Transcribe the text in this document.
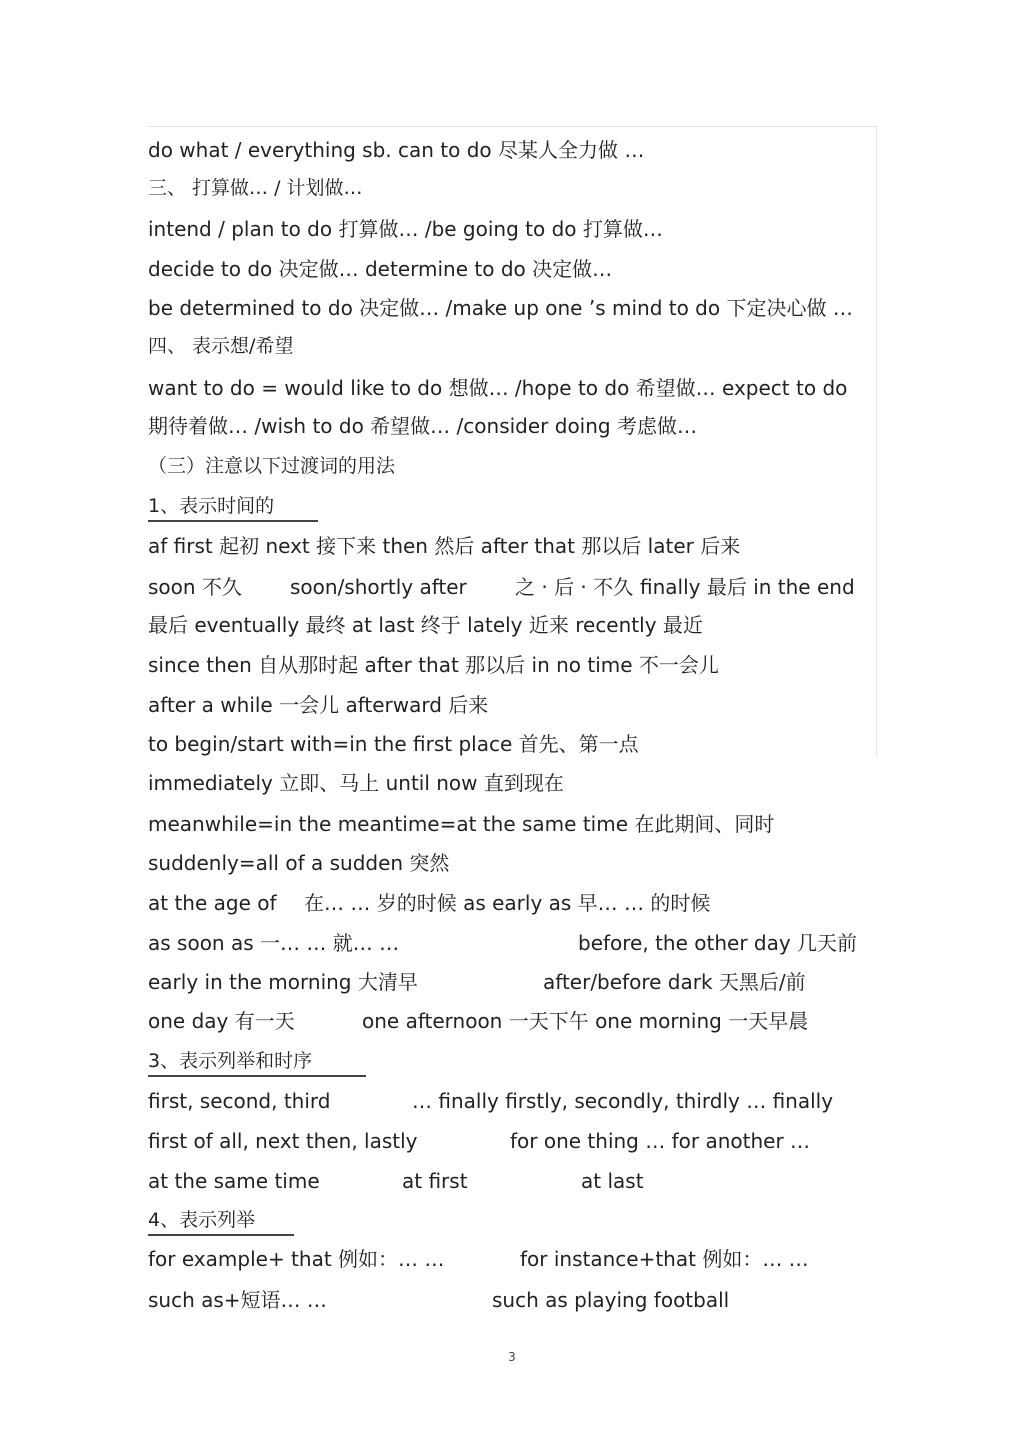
do what / everything sb. can to do 尽某人全力做 …
三、 打算做… / 计划做…
intend / plan to do 打算做… /be going to do 打算做…
decide to do 决定做… determine to do 决定做…
be determined to do 决定做… /make up one ’s mind to do 下定决心做 …
四、 表示想/希望
want to do = would like to do 想做… /hope to do 希望做… expect to do
期待着做… /wish to do 希望做… /consider doing 考虑做…
（三）注意以下过渡词的用法
1、表示时间的
af first 起初 next 接下来 then 然后 after that 那以后 later 后来
soon 不久 soon/shortly after 之 · 后 · 不久 finally 最后 in the end
最后 eventually 最终 at last 终于 lately 近来 recently 最近
since then 自从那时起 after that 那以后 in no time 不一会儿
after a while 一会儿 afterward 后来
to begin/start with=in the first place 首先、第一点
immediately 立即、马上 until now 直到现在
meanwhile=in the meantime=at the same time 在此期间、同时
suddenly=all of a sudden 突然
at the age of 在… … 岁的时候 as early as 早… … 的时候
as soon as 一… … 就… …	before, the other day 几天前
early in the morning 大清早	after/before dark 天黑后/前
one day 有一天	one afternoon 一天下午 one morning 一天早晨
3、表示列举和时序
first, second, third	… finally firstly, secondly, thirdly … finally
first of all, next then, lastly	for one thing … for another …
at the same time	at first	at last
4、表示列举
for example+ that 例如：… …	for instance+that 例如：… …
such as+短语… …	such as playing football
3
